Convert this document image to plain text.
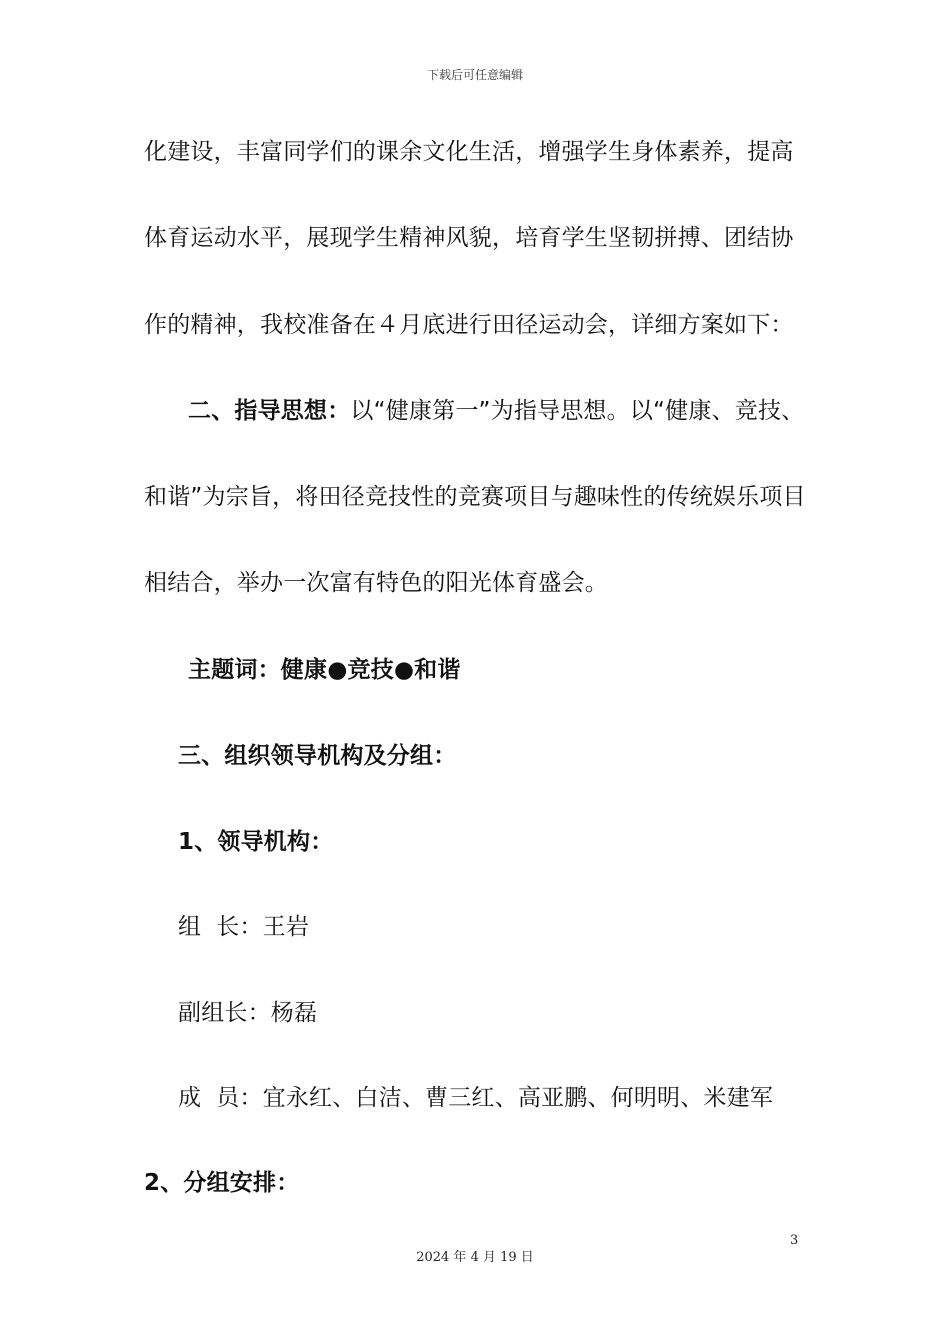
下载后可任意编辑
化建设，丰富同学们的课余文化生活，增强学生身体素养，提高
体育运动水平，展现学生精神风貌，培育学生坚韧拼搏、团结协
作的精神，我校准备在４月底进行田径运动会，详细方案如下：
二、指导思想：以“健康第一”为指导思想。以“健康、竞技、
和谐”为宗旨，将田径竞技性的竞赛项目与趣味性的传统娱乐项目
相结合，举办一次富有特色的阳光体育盛会。
主题词：健康●竞技●和谐
三、组织领导机构及分组：
1、领导机构：
组  长：王岩
副组长：杨磊
成  员：宜永红、白洁、曹三红、高亚鹏、何明明、米建军
2、分组安排：
3
2024 年 4 月 19 日
